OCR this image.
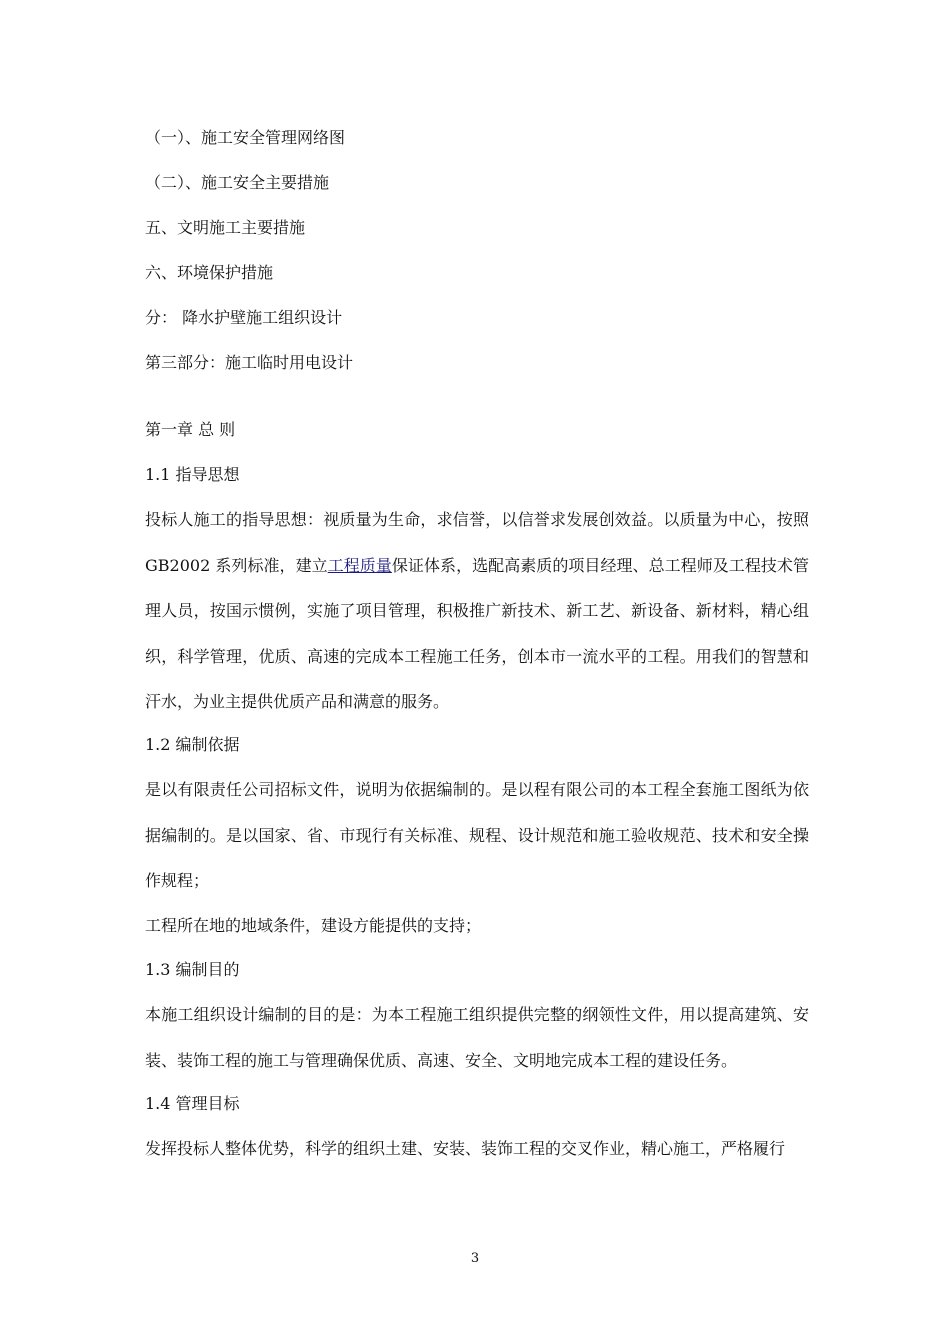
（一）、施工安全管理网络图
（二）、施工安全主要措施
五、文明施工主要措施
六、环境保护措施
分： 降水护壁施工组织设计
第三部分：施工临时用电设计
第一章 总 则
1.1 指导思想

投标人施工的指导思想：视质量为生命，求信誉，以信誉求发展创效益。以质量为中心，按照 GB2002 系列标准，建立工程质量保证体系，选配高素质的项目经理、总工程师及工程技术管理人员，按国示惯例，实施了项目管理，积极推广新技术、新工艺、新设备、新材料，精心组织，科学管理，优质、高速的完成本工程施工任务，创本市一流水平的工程。用我们的智慧和汗水，为业主提供优质产品和满意的服务。

1.2 编制依据

是以有限责任公司招标文件，说明为依据编制的。是以程有限公司的本工程全套施工图纸为依据编制的。是以国家、省、市现行有关标准、规程、设计规范和施工验收规范、技术和安全操作规程；

工程所在地的地域条件，建设方能提供的支持；

1.3 编制目的

本施工组织设计编制的目的是：为本工程施工组织提供完整的纲领性文件，用以提高建筑、安装、装饰工程的施工与管理确保优质、高速、安全、文明地完成本工程的建设任务。

1.4 管理目标

发挥投标人整体优势，科学的组织土建、安装、装饰工程的交叉作业，精心施工，严格履行

3
